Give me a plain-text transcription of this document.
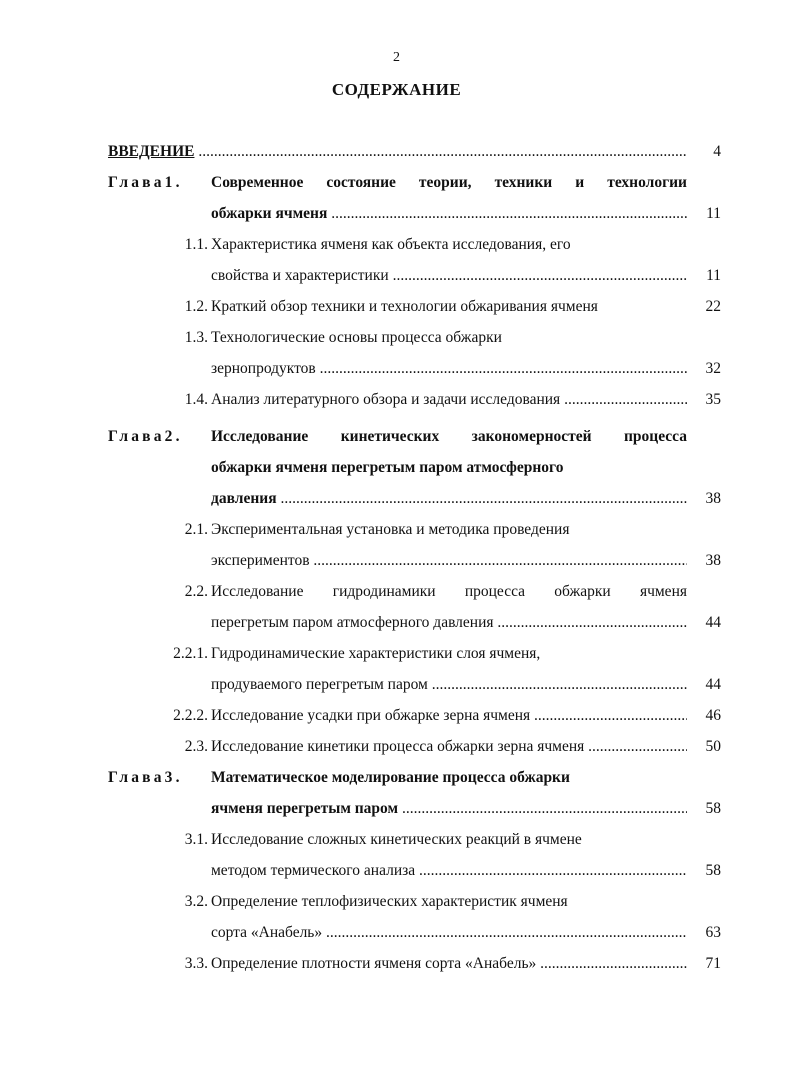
2
СОДЕРЖАНИЕ
ВВЕДЕНИЕ .....	4
Глава1. Современное состояние теории, техники и технологии
обжарки ячменя .....	11
1.1. Характеристика ячменя как объекта исследования, его
свойства и характеристики .....	11
1.2. Краткий обзор техники и технологии обжаривания ячменя	22
1.3. Технологические основы процесса обжарки
зернопродуктов .....	32
1.4. Анализ литературного обзора и задачи исследования .....	35
Глава2. Исследование кинетических закономерностей процесса
обжарки ячменя перегретым паром атмосферного
давления .....	38
2.1. Экспериментальная установка и методика проведения
экспериментов .....	38
2.2. Исследование гидродинамики процесса обжарки ячменя
перегретым паром атмосферного давления .....	44
2.2.1. Гидродинамические характеристики слоя ячменя,
продуваемого перегретым паром .....	44
2.2.2. Исследование усадки при обжарке зерна ячменя .....	46
2.3. Исследование кинетики процесса обжарки зерна ячменя .....	50
Глава3. Математическое моделирование процесса обжарки
ячменя перегретым паром .....	58
3.1. Исследование сложных кинетических реакций в ячмене
методом термического анализа .....	58
3.2. Определение теплофизических характеристик ячменя
сорта «Анабель» .....	63
3.3. Определение плотности ячменя сорта «Анабель» .....	71
